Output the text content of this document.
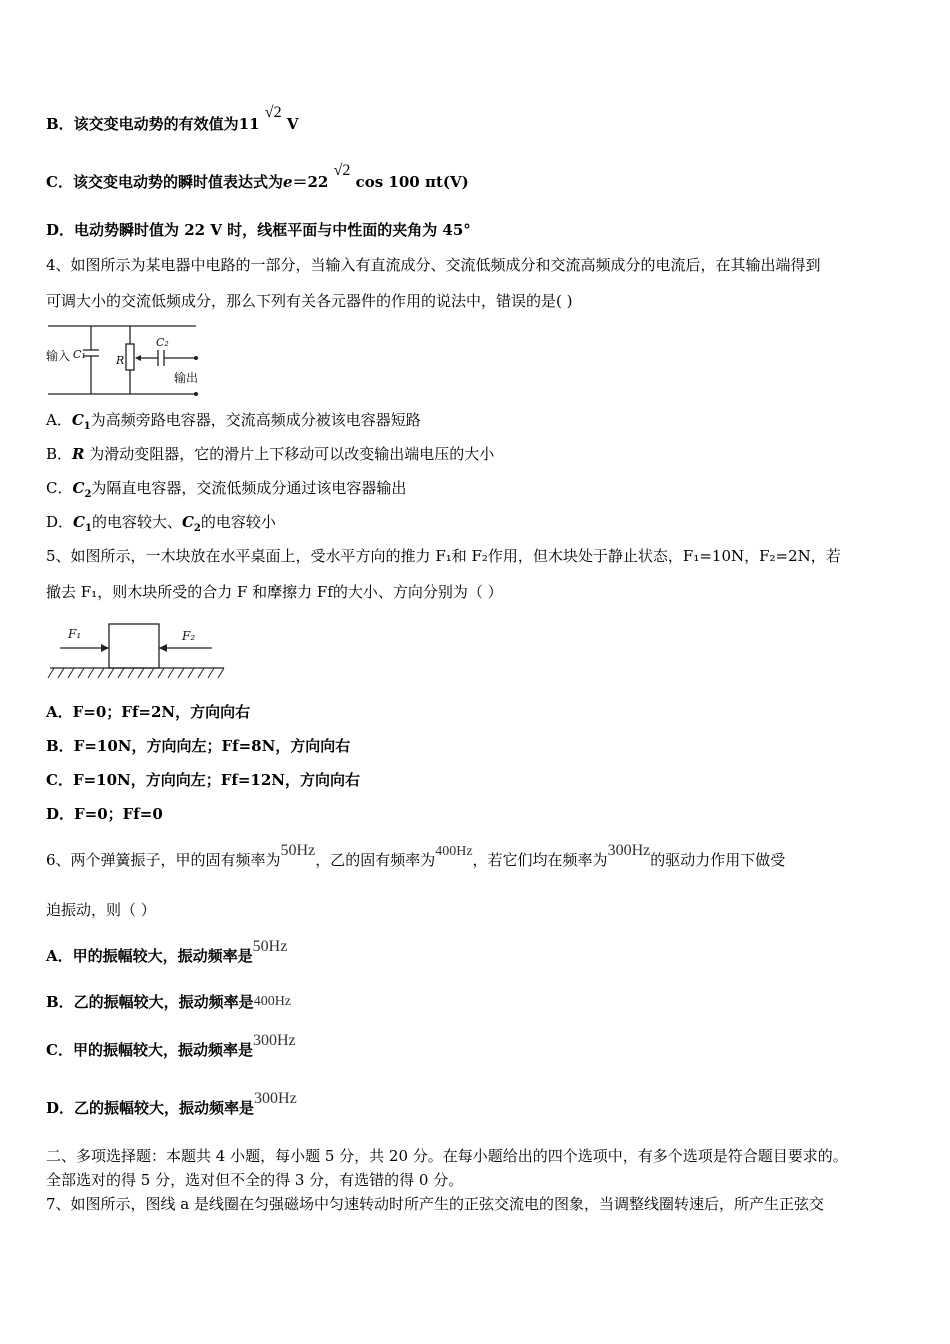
B．该交变电动势的有效值为11 √2 V
C．该交变电动势的瞬时值表达式为e＝22 √2 cos 100 πt(V)
D．电动势瞬时值为 22 V 时，线框平面与中性面的夹角为 45°
4、如图所示为某电器中电路的一部分，当输入有直流成分、交流低频成分和交流高频成分的电流后，在其输出端得到
可调大小的交流低频成分，那么下列有关各元器件的作用的说法中，错误的是( )
输入 C₁	R
C₂
输出
A．$C_1$为高频旁路电容器，交流高频成分被该电容器短路
B．R 为滑动变阻器，它的滑片上下移动可以改变输出端电压的大小
C．$C_2$为隔直电容器，交流低频成分通过该电容器输出
D．$C_1$的电容较大、$C_2$的电容较小
5、如图所示，一木块放在水平桌面上，受水平方向的推力 F₁和 F₂作用，但木块处于静止状态，F₁=10N，F₂=2N，若
撤去 F₁，则木块所受的合力 F 和摩擦力 Ff的大小、方向分别为（ ）
F₁	F₂
A．F=0；Ff=2N，方向向右
B．F=10N，方向向左；Ff=8N，方向向右
C．F=10N，方向向左；Ff=12N，方向向右
D．F=0；Ff=0
6、两个弹簧振子，甲的固有频率为50Hz，乙的固有频率为400Hz，若它们均在频率为300Hz的驱动力作用下做受
迫振动，则（ ）
A．甲的振幅较大，振动频率是50Hz
B．乙的振幅较大，振动频率是400Hz
C．甲的振幅较大，振动频率是300Hz
D．乙的振幅较大，振动频率是300Hz
二、多项选择题：本题共 4 小题，每小题 5 分，共 20 分。在每小题给出的四个选项中，有多个选项是符合题目要求的。
全部选对的得 5 分，选对但不全的得 3 分，有选错的得 0 分。
7、如图所示，图线 a 是线圈在匀强磁场中匀速转动时所产生的正弦交流电的图象，当调整线圈转速后，所产生正弦交
